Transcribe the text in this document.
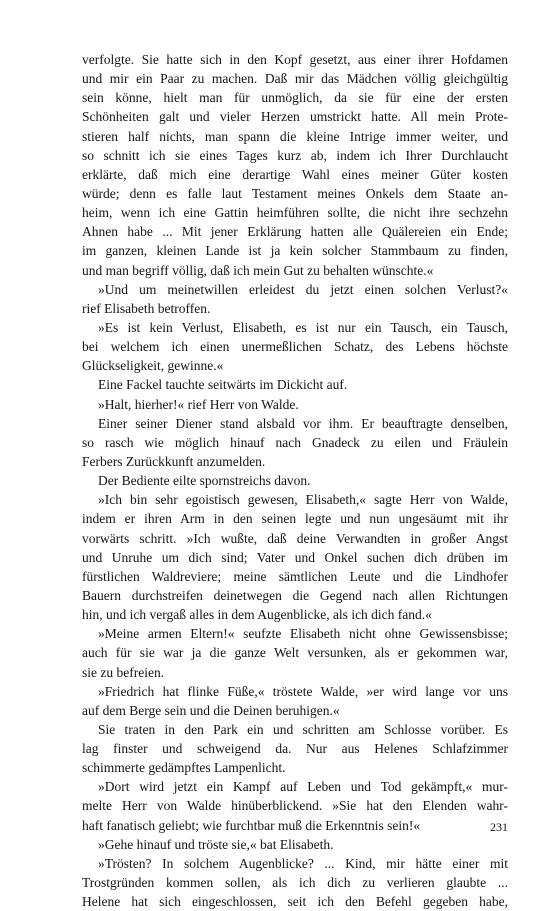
verfolgte. Sie hatte sich in den Kopf gesetzt, aus einer ihrer Hofdamen
und mir ein Paar zu machen. Daß mir das Mädchen völlig gleichgültig
sein könne, hielt man für unmöglich, da sie für eine der ersten
Schönheiten galt und vieler Herzen umstrickt hatte. All mein Prote-
stieren half nichts, man spann die kleine Intrige immer weiter, und
so schnitt ich sie eines Tages kurz ab, indem ich Ihrer Durchlaucht
erklärte, daß mich eine derartige Wahl eines meiner Güter kosten
würde; denn es falle laut Testament meines Onkels dem Staate an-
heim, wenn ich eine Gattin heimführen sollte, die nicht ihre sechzehn
Ahnen habe ... Mit jener Erklärung hatten alle Quälereien ein Ende;
im ganzen, kleinen Lande ist ja kein solcher Stammbaum zu finden,
und man begriff völlig, daß ich mein Gut zu behalten wünschte.«
»Und um meinetwillen erleidest du jetzt einen solchen Verlust?«
rief Elisabeth betroffen.
»Es ist kein Verlust, Elisabeth, es ist nur ein Tausch, ein Tausch,
bei welchem ich einen unermeßlichen Schatz, des Lebens höchste
Glückseligkeit, gewinne.«
Eine Fackel tauchte seitwärts im Dickicht auf.
»Halt, hierher!« rief Herr von Walde.
Einer seiner Diener stand alsbald vor ihm. Er beauftragte denselben,
so rasch wie möglich hinauf nach Gnadeck zu eilen und Fräulein
Ferbers Zurückkunft anzumelden.
Der Bediente eilte spornstreichs davon.
»Ich bin sehr egoistisch gewesen, Elisabeth,« sagte Herr von Walde,
indem er ihren Arm in den seinen legte und nun ungesäumt mit ihr
vorwärts schritt. »Ich wußte, daß deine Verwandten in großer Angst
und Unruhe um dich sind; Vater und Onkel suchen dich drüben im
fürstlichen Waldreviere; meine sämtlichen Leute und die Lindhofer
Bauern durchstreifen deinetwegen die Gegend nach allen Richtungen
hin, und ich vergaß alles in dem Augenblicke, als ich dich fand.«
»Meine armen Eltern!« seufzte Elisabeth nicht ohne Gewissensbisse;
auch für sie war ja die ganze Welt versunken, als er gekommen war,
sie zu befreien.
»Friedrich hat flinke Füße,« tröstete Walde, »er wird lange vor uns
auf dem Berge sein und die Deinen beruhigen.«
Sie traten in den Park ein und schritten am Schlosse vorüber. Es
lag finster und schweigend da. Nur aus Helenes Schlafzimmer
schimmerte gedämpftes Lampenlicht.
»Dort wird jetzt ein Kampf auf Leben und Tod gekämpft,« mur-
melte Herr von Walde hinüberblickend. »Sie hat den Elenden wahr-
haft fanatisch geliebt; wie furchtbar muß die Erkenntnis sein!«
»Gehe hinauf und tröste sie,« bat Elisabeth.
»Trösten? In solchem Augenblicke? ... Kind, mir hätte einer mit
Trostgründen kommen sollen, als ich dich zu verlieren glaubte ...
Helene hat sich eingeschlossen, seit ich den Befehl gegeben habe,
231
